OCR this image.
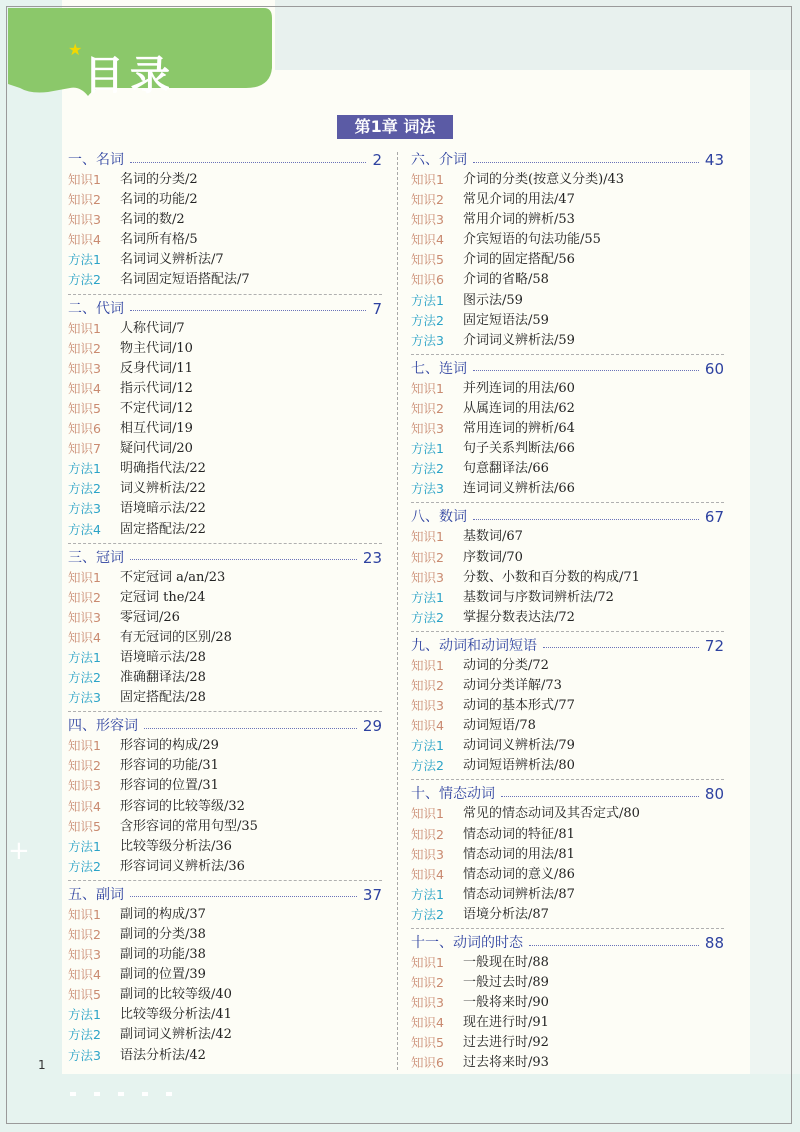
★
目录
第1章 词法
一、名词	2
知识1	名词的分类/2
知识2	名词的功能/2
知识3	名词的数/2
知识4	名词所有格/5
方法1	名词词义辨析法/7
方法2	名词固定短语搭配法/7
二、代词	7
知识1	人称代词/7
知识2	物主代词/10
知识3	反身代词/11
知识4	指示代词/12
知识5	不定代词/12
知识6	相互代词/19
知识7	疑问代词/20
方法1	明确指代法/22
方法2	词义辨析法/22
方法3	语境暗示法/22
方法4	固定搭配法/22
三、冠词	23
知识1	不定冠词 a/an/23
知识2	定冠词 the/24
知识3	零冠词/26
知识4	有无冠词的区别/28
方法1	语境暗示法/28
方法2	准确翻译法/28
方法3	固定搭配法/28
四、形容词	29
知识1	形容词的构成/29
知识2	形容词的功能/31
知识3	形容词的位置/31
知识4	形容词的比较等级/32
知识5	含形容词的常用句型/35
方法1	比较等级分析法/36
方法2	形容词词义辨析法/36
五、副词	37
知识1	副词的构成/37
知识2	副词的分类/38
知识3	副词的功能/38
知识4	副词的位置/39
知识5	副词的比较等级/40
方法1	比较等级分析法/41
方法2	副词词义辨析法/42
方法3	语法分析法/42
六、介词	43
知识1	介词的分类(按意义分类)/43
知识2	常见介词的用法/47
知识3	常用介词的辨析/53
知识4	介宾短语的句法功能/55
知识5	介词的固定搭配/56
知识6	介词的省略/58
方法1	图示法/59
方法2	固定短语法/59
方法3	介词词义辨析法/59
七、连词	60
知识1	并列连词的用法/60
知识2	从属连词的用法/62
知识3	常用连词的辨析/64
方法1	句子关系判断法/66
方法2	句意翻译法/66
方法3	连词词义辨析法/66
八、数词	67
知识1	基数词/67
知识2	序数词/70
知识3	分数、小数和百分数的构成/71
方法1	基数词与序数词辨析法/72
方法2	掌握分数表达法/72
九、动词和动词短语	72
知识1	动词的分类/72
知识2	动词分类详解/73
知识3	动词的基本形式/77
知识4	动词短语/78
方法1	动词词义辨析法/79
方法2	动词短语辨析法/80
十、情态动词	80
知识1	常见的情态动词及其否定式/80
知识2	情态动词的特征/81
知识3	情态动词的用法/81
知识4	情态动词的意义/86
方法1	情态动词辨析法/87
方法2	语境分析法/87
十一、动词的时态	88
知识1	一般现在时/88
知识2	一般过去时/89
知识3	一般将来时/90
知识4	现在进行时/91
知识5	过去进行时/92
知识6	过去将来时/93
+
1
